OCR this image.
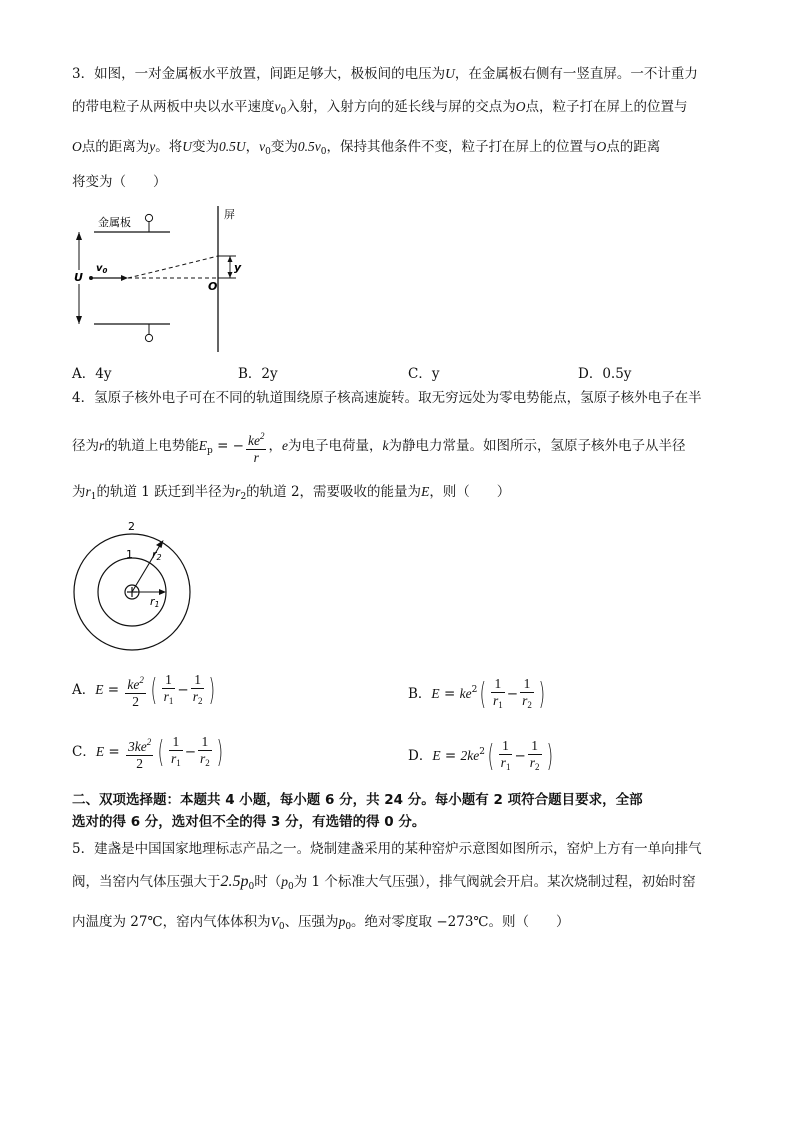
3．如图，一对金属板水平放置，间距足够大，极板间的电压为U，在金属板右侧有一竖直屏。一不计重力
的带电粒子从两板中央以水平速度$v_0$入射，入射方向的延长线与屏的交点为O点，粒子打在屏上的位置与
O点的距离为y。将U变为0.5U，$v_0$变为$0.5v_0$，保持其他条件不变，粒子打在屏上的位置与O点的距离
将变为（　　）
金属板
U
$v_0$
屏
y
O
A．4y	B．2y	C．y	D．0.5y
4．氢原子核外电子可在不同的轨道围绕原子核高速旋转。取无穷远处为零电势能点，氢原子核外电子在半
径为r的轨道上电势能$E_p$ = − $\frac{ke^2}{r}$ ，e为电子电荷量，k为静电力常量。如图所示，氢原子核外电子从半径
为$r_1$的轨道 1 跃迁到半径为$r_2$的轨道 2，需要吸收的能量为E，则（　　）
1
2
r1
r2
A．$E = \frac{ke^2}{2}$ ( $\frac{1}{r_1} - \frac{1}{r_2}$ )	B．$E = ke^2( \frac{1}{r_1} - \frac{1}{r_2}$ )
C．$E = \frac{3ke^2}{2}$ ( $\frac{1}{r_1} - \frac{1}{r_2}$ )	D．$E = 2ke^2( \frac{1}{r_1} - \frac{1}{r_2}$ )
二、双项选择题：本题共 4 小题，每小题 6 分，共 24 分。每小题有 2 项符合题目要求，全部
选对的得 6 分，选对但不全的得 3 分，有选错的得 0 分。
5．建盏是中国国家地理标志产品之一。烧制建盏采用的某种窑炉示意图如图所示，窑炉上方有一单向排气
阀，当窑内气体压强大于$2.5p_0$时（$p_0$为 1 个标准大气压强），排气阀就会开启。某次烧制过程，初始时窑
内温度为 27℃，窑内气体体积为$V_0$、压强为$p_0$。绝对零度取 −273℃。则（　　）
